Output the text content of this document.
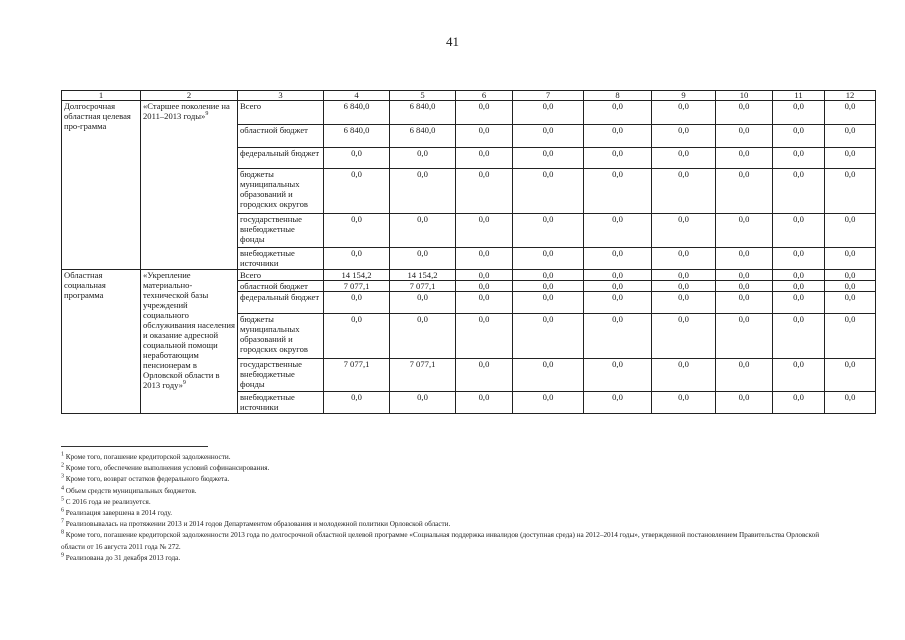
41
1	2	3	4	5	6	7	8	9	10	11	12
Долгосрочная областная целевая про-грамма	«Старшее поколение на 2011–2013 годы»$^9$	Всего	6 840,0	6 840,0	0,0	0,0	0,0	0,0	0,0	0,0	0,0
		областной бюджет	6 840,0	6 840,0	0,0	0,0	0,0	0,0	0,0	0,0	0,0
		федеральный бюджет	0,0	0,0	0,0	0,0	0,0	0,0	0,0	0,0	0,0
		бюджеты муниципальных образований и городских округов	0,0	0,0	0,0	0,0	0,0	0,0	0,0	0,0	0,0
		государственные внебюджетные фонды	0,0	0,0	0,0	0,0	0,0	0,0	0,0	0,0	0,0
		внебюджетные источники	0,0	0,0	0,0	0,0	0,0	0,0	0,0	0,0	0,0
Областная социальная программа	«Укрепление материально-технической базы учреждений социального обслуживания населения и оказание адресной социальной помощи неработающим пенсионерам в Орловской области в 2013 году»$^9$	Всего	14 154,2	14 154,2	0,0	0,0	0,0	0,0	0,0	0,0	0,0
		областной бюджет	7 077,1	7 077,1	0,0	0,0	0,0	0,0	0,0	0,0	0,0
		федеральный бюджет	0,0	0,0	0,0	0,0	0,0	0,0	0,0	0,0	0,0
		бюджеты муниципальных образований и городских округов	0,0	0,0	0,0	0,0	0,0	0,0	0,0	0,0	0,0
		государственные внебюджетные фонды	7 077,1	7 077,1	0,0	0,0	0,0	0,0	0,0	0,0	0,0
		внебюджетные источники	0,0	0,0	0,0	0,0	0,0	0,0	0,0	0,0	0,0

$^1$ Кроме того, погашение кредиторской задолженности.

$^2$ Кроме того, обеспечение выполнения условий софинансирования.

$^3$ Кроме того, возврат остатков федерального бюджета.

$^4$ Объем средств муниципальных бюджетов.

$^5$ С 2016 года не реализуется.

$^6$ Реализация завершена в 2014 году.

$^7$ Реализовывалась на протяжении 2013 и 2014 годов Департаментом образования и молодежной политики Орловской области.

$^8$ Кроме того, погашение кредиторской задолженности 2013 года по долгосрочной областной целевой программе «Социальная поддержка инвалидов (доступная среда) на 2012–2014 годы», утвержденной постановлением Правительства Орловской области от 16 августа 2011 года № 272.

$^9$ Реализована до 31 декабря 2013 года.
